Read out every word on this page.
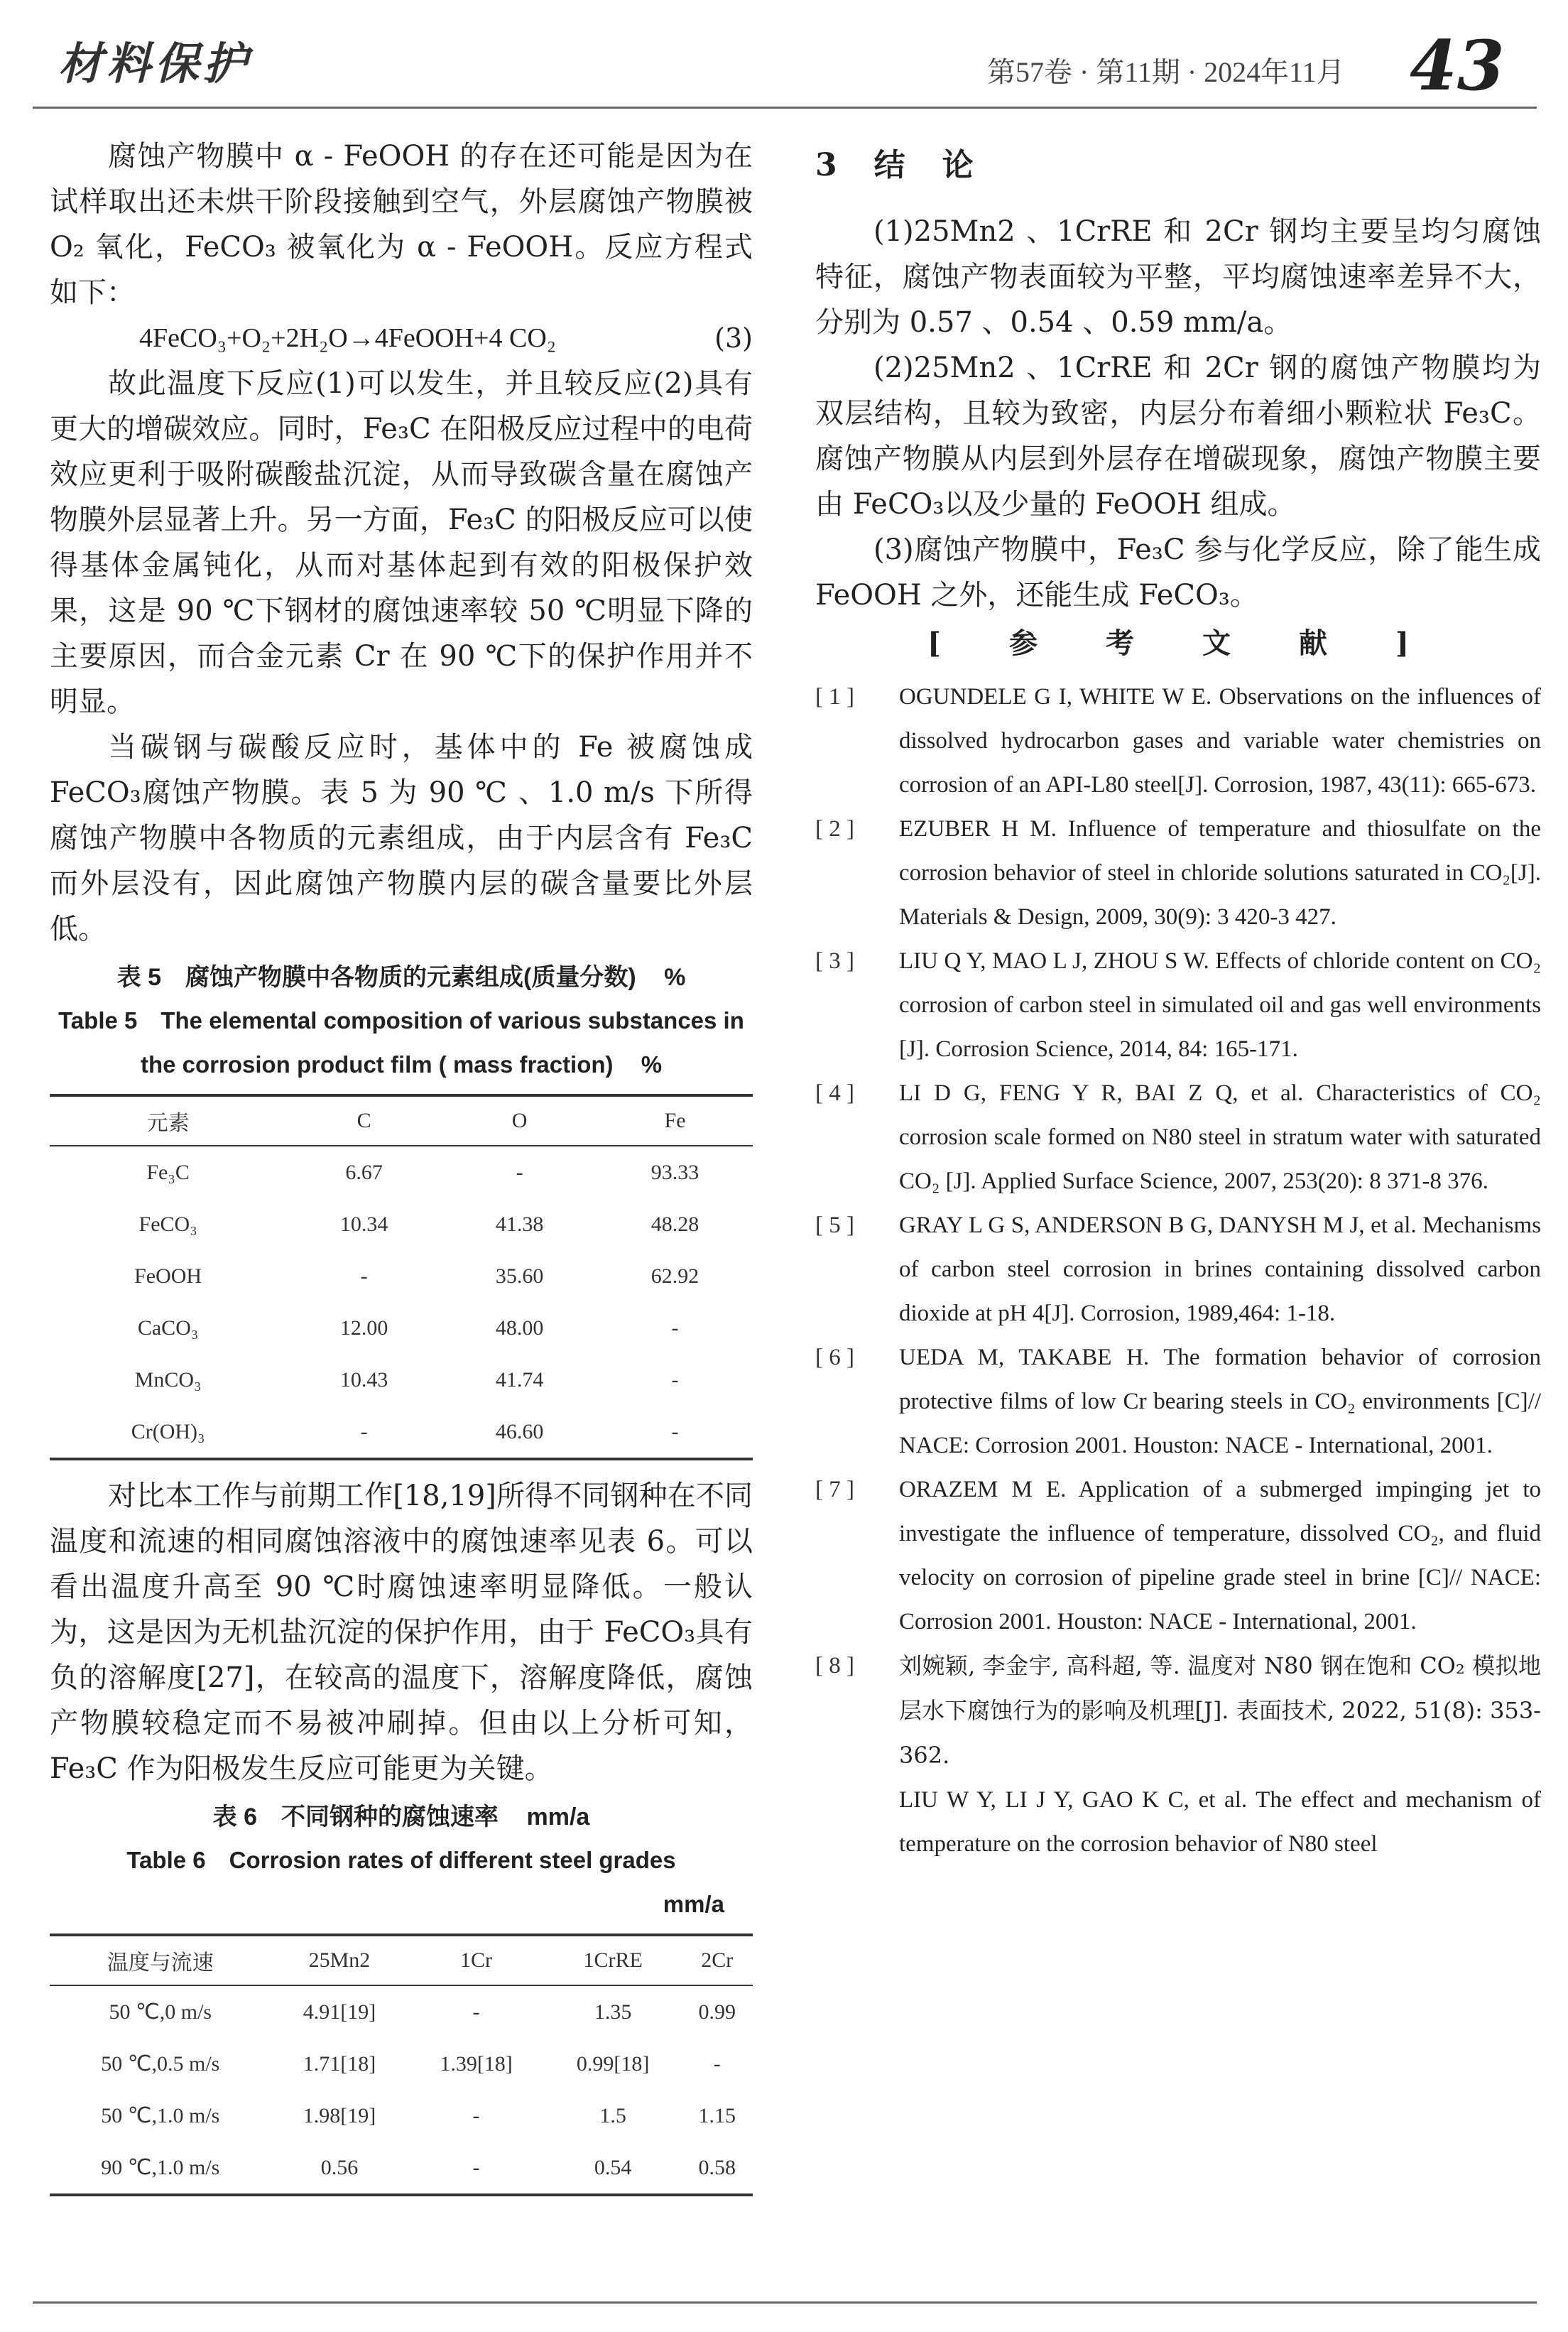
材料保护	第57卷 · 第11期 · 2024年11月 43

腐蚀产物膜中 α - FeOOH 的存在还可能是因为在试样取出还未烘干阶段接触到空气，外层腐蚀产物膜被 O₂ 氧化，FeCO₃ 被氧化为 α - FeOOH。反应方程式如下：

4FeCO₃+O₂+2H₂O→4FeOOH+4 CO₂	(3)

故此温度下反应(1)可以发生，并且较反应(2)具有更大的增碳效应。同时，Fe₃C 在阳极反应过程中的电荷效应更利于吸附碳酸盐沉淀，从而导致碳含量在腐蚀产物膜外层显著上升。另一方面，Fe₃C 的阳极反应可以使得基体金属钝化，从而对基体起到有效的阳极保护效果，这是 90 ℃下钢材的腐蚀速率较 50 ℃明显下降的主要原因，而合金元素 Cr 在 90 ℃下的保护作用并不明显。

当碳钢与碳酸反应时，基体中的 Fe 被腐蚀成 FeCO₃腐蚀产物膜。表 5 为 90 ℃ 、1.0 m/s 下所得腐蚀产物膜中各物质的元素组成，由于内层含有 Fe₃C 而外层没有，因此腐蚀产物膜内层的碳含量要比外层低。

表 5　腐蚀产物膜中各物质的元素组成(质量分数) %
Table 5　The elemental composition of various substances in the corrosion product film ( mass fraction) %
元素	C	O	Fe
Fe₃C	6.67	-	93.33
FeCO₃	10.34	41.38	48.28
FeOOH	-	35.60	62.92
CaCO₃	12.00	48.00	-
MnCO₃	10.43	41.74	-
Cr(OH)₃	-	46.60	-

对比本工作与前期工作[18,19]所得不同钢种在不同温度和流速的相同腐蚀溶液中的腐蚀速率见表 6。可以看出温度升高至 90 ℃时腐蚀速率明显降低。一般认为，这是因为无机盐沉淀的保护作用，由于 FeCO₃具有负的溶解度[27]，在较高的温度下，溶解度降低，腐蚀产物膜较稳定而不易被冲刷掉。但由以上分析可知，Fe₃C 作为阳极发生反应可能更为关键。

表 6　不同钢种的腐蚀速率 mm/a
Table 6　Corrosion rates of different steel grades
mm/a
温度与流速	25Mn2	1Cr	1CrRE	2Cr
50 ℃,0 m/s	4.91[19]	-	1.35	0.99
50 ℃,0.5 m/s	1.71[18]	1.39[18]	0.99[18]	-
50 ℃,1.0 m/s	1.98[19]	-	1.5	1.15
90 ℃,1.0 m/s	0.56	-	0.54	0.58
3　结　论

(1)25Mn2 、1CrRE 和 2Cr 钢均主要呈均匀腐蚀特征，腐蚀产物表面较为平整，平均腐蚀速率差异不大，分别为 0.57 、0.54 、0.59 mm/a。

(2)25Mn2 、1CrRE 和 2Cr 钢的腐蚀产物膜均为双层结构，且较为致密，内层分布着细小颗粒状 Fe₃C。腐蚀产物膜从内层到外层存在增碳现象，腐蚀产物膜主要由 FeCO₃以及少量的 FeOOH 组成。

(3)腐蚀产物膜中，Fe₃C 参与化学反应，除了能生成 FeOOH 之外，还能生成 FeCO₃。

[　参　考　文　献　]
[ 1 ] OGUNDELE G I, WHITE W E. Observations on the influences of dissolved hydrocarbon gases and variable water chemistries on corrosion of an API-L80 steel[J]. Corrosion, 1987, 43(11): 665-673.
[ 2 ] EZUBER H M. Influence of temperature and thiosulfate on the corrosion behavior of steel in chloride solutions saturated in CO₂[J]. Materials & Design, 2009, 30(9): 3 420-3 427.
[ 3 ] LIU Q Y, MAO L J, ZHOU S W. Effects of chloride content on CO₂ corrosion of carbon steel in simulated oil and gas well environments [J]. Corrosion Science, 2014, 84: 165-171.
[ 4 ] LI D G, FENG Y R, BAI Z Q, et al. Characteristics of CO₂ corrosion scale formed on N80 steel in stratum water with saturated CO₂ [J]. Applied Surface Science, 2007, 253(20): 8 371-8 376.
[ 5 ] GRAY L G S, ANDERSON B G, DANYSH M J, et al. Mechanisms of carbon steel corrosion in brines containing dissolved carbon dioxide at pH 4[J]. Corrosion, 1989,464: 1-18.
[ 6 ] UEDA M, TAKABE H. The formation behavior of corrosion protective films of low Cr bearing steels in CO₂ environments [C]// NACE: Corrosion 2001. Houston: NACE - International, 2001.
[ 7 ] ORAZEM M E. Application of a submerged impinging jet to investigate the influence of temperature, dissolved CO₂, and fluid velocity on corrosion of pipeline grade steel in brine [C]// NACE: Corrosion 2001. Houston: NACE - International, 2001.
[ 8 ] 刘婉颖, 李金宇, 高科超, 等. 温度对 N80 钢在饱和 CO₂ 模拟地层水下腐蚀行为的影响及机理[J]. 表面技术, 2022, 51(8): 353-362.
LIU W Y, LI J Y, GAO K C, et al. The effect and mechanism of temperature on the corrosion behavior of N80 steel
